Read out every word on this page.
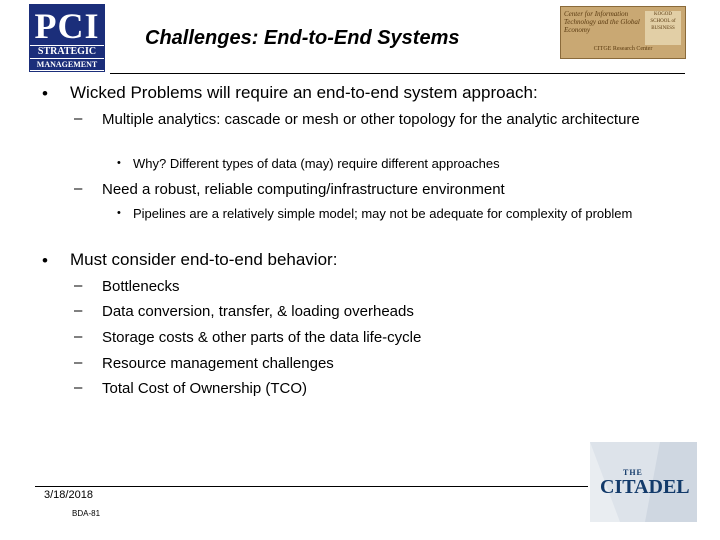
PCI
STRATEGIC
MANAGEMENT
Challenges: End-to-End Systems
Center for Information Technology and the Global Economy
KOGOD SCHOOL of BUSINESS
CITGE Research Center
• Wicked Problems will require an end-to-end system approach:
– Multiple analytics: cascade or mesh or other topology for the analytic architecture
• Why? Different types of data (may) require different approaches
– Need a robust, reliable computing/infrastructure environment
• Pipelines are a relatively simple model; may not be adequate for complexity of problem
• Must consider end-to-end behavior:
– Bottlenecks
– Data conversion, transfer, & loading overheads
– Storage costs & other parts of the data life-cycle
– Resource management challenges
– Total Cost of Ownership (TCO)
3/18/2018
BDA-81
THE
CITADEL
